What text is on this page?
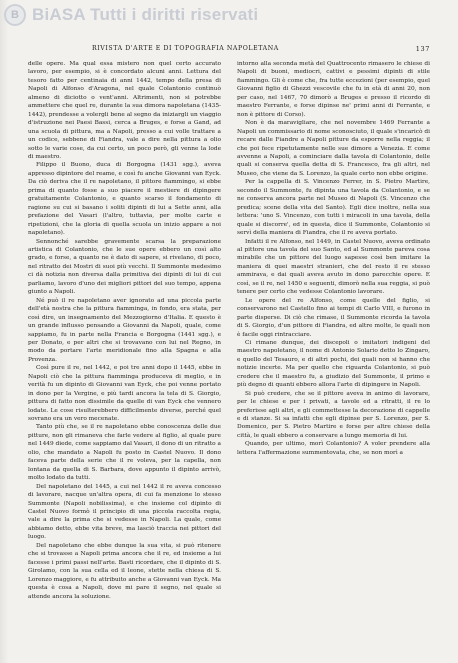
B BiASA Tutti i diritti riservati
RIVISTA D'ARTE E DI TOPOGRAFIA NAPOLETANA	137

delle opere. Ma qual essa mistero non quel certo accurato lavoro, per esempio, si è concordato alcuni anni. Lettura del tesoro fatto per centinaia di anni 1442, tempo della presa di Napoli di Alfonso d'Aragona, nel quale Colantonio continuò almeno di diciotto o vent'anni. Altrimenti, non si potrebbe ammettere che quel re, durante la sua dimora napoletana (1435-1442), prendesse a volergli bene al segno da iniziargli un viaggio d'istruzione nei Paesi Bassi, cerca a Bruges, e forse a Gand, ad una scuola di pittura, ma a Napoli, presso a cui volle trattare a un codice, sebbene di Fiandra, vale a dire nella pittura a olio sotto le varie cose, da cui certo, un poco però, gli venne la lode di maestro.

Filippo il Buono, duca di Borgogna (1431 sgg.), aveva appresso dipintore del reame, e così fu anche Giovanni van Eyck. Da ciò deriva che il re napoletano, il pittore fiammingo, si ebbe prima di quanto fosse a suo piacere il mestiere di dipingere gratuitamente Colantonio, e quanto scarso il fondamento di ragione su cui si basano i soliti dipinti di lui a Sette anni, alla prefazione del Vasari (l'altro, tuttavia, per molte carte e ripetizioni, che la gloria di quella scuola un inizio appare a noi napoletano).

Sennonché sarebbe gravemente scarsa la preparazione artistica di Colantonio, che le sue opere ebbero un così alto grado, e forse, a quanto ne è dato di sapere, si rivelano, di poco, nel ritratto dei Mostri di suoi più vecchi. Il Summonte medesimo ci dà notizia non diversa dalla primitiva dei dipinti di lui di cui parliamo, lavoro d'uno dei migliori pittori del suo tempo, appena giunto a Napoli.

Né può il re napoletano aver ignorato ad una piccola parte dell'età nostra che la pittura fiamminga, in fondo, era stata, per così dire, un insegnamento del Mezzogiorno d'Italia. E questo è un grande influsso pensando a Giovanni da Napoli, quale, come sappiamo, fu in parte nella Francia e Borgogna (1441 sgg.), e per Donato, e per altri che si trovavano con lui nel Regno, in modo da portare l'arte meridionale fino alla Spagna e alla Provenza.

Così pure il re, nel 1442, e poi tre anni dopo il 1445, ebbe in Napoli ciò che la pittura fiamminga produceva di meglio, e in verità fu un dipinto di Giovanni van Eyck, che poi venne portato in dono per la Vergine, e più tardi ancora la tela di S. Giorgio, pittura di fatto non dissimile da quelle di van Eyck che vennero lodate. Le cose risulterebbero difficilmente diverse, perché quel sovrano era un vero mecenate.

Tanto più che, se il re napoletano ebbe conoscenza delle due pitture, non gli rimaneva che farle vedere al figlio, al quale pure nel 1449 diede, come sappiamo dal Vasari, il dono di un ritratto a olio, che mandato a Napoli fu posto in Castel Nuovo. Il dono faceva parte della serie che il re voleva, per la capella, non lontana da quella di S. Barbara, dove appunto il dipinto arrivò, molto lodato da tutti.

Del napoletano del 1445, a cui nel 1442 il re aveva concesso di lavorare, nacque un'altra opera, di cui fa menzione lo stesso Summonte (Napoli nobilissima), e che insieme col dipinto di Castel Nuovo formò il principio di una piccola raccolta regia, vale a dire la prima che si vedesse in Napoli. La quale, come abbiamo detto, ebbe vita breve, ma lasciò traccia nei pittori del luogo.

Del napoletano che ebbe dunque la sua vita, si può ritenere che si trovasse a Napoli prima ancora che il re, ed insieme a lui facesse i primi passi nell'arte. Basti ricordare, che il dipinto di S. Girolamo, con la sua cella ed il leone, stette nella chiesa di S. Lorenzo maggiore, e fu attribuito anche a Giovanni van Eyck. Ma questa è cosa a Napoli, dove mi pare il segno, nel quale si attende ancora la soluzione.

intorno alla seconda metà del Quattrocento rimasero le chiese di Napoli di buoni, mediocri, cattivi e pessimi dipinti di stile fiammingo. Gli è come che, fra tutte eccezioni (per esempio, quel Giovanni figlio di Ghezzi vescovile che fu in età di anni 20, non per caso, nel 1467, 70 dimorò a Bruges e presso il ricordo di maestro Ferrante, e forse dipinse ne' primi anni di Ferrante, e non è pittore di Corso).

Non è da maravigliare, che nel novembre 1469 Ferrante a Napoli un commissario di nome sconosciuto, il quale s'incaricò di recare dalle Fiandre a Napoli pitture da esporre nella reggia; il che poi fece ripetutamente nelle sue dimore a Venezia. E come avvenne a Napoli, a cominciare dalla tavola di Colantonio, delle quali si conserva quella detta di S. Francesco, fra gli altri, nel Museo, che viene da S. Lorenzo, la quale certo non ebbe origine.

Per la cappella di S. Vincenzo Ferrer, in S. Pietro Martire, secondo il Summonte, fu dipinta una tavola da Colantonio, e se ne conserva ancora parte nel Museo di Napoli (S. Vincenzo che predica; scene della vita del Santo). Egli dice inoltre, nella sua lettera: 'uno S. Vincenzo, con tutti i miracoli in una tavola, della quale si discorre', ed in questa, dice il Summonte, Colantonio si servì della maniera di Fiandra, che il re aveva portato.

Infatti il re Alfonso, nel 1449, in Castel Nuovo, aveva ordinato al pittore una tavola del suo Santo, ed al Summonte pareva cosa mirabile che un pittore del luogo sapesse così ben imitare la maniera di quei maestri stranieri, che del resto il re stesso ammirava, e dai quali aveva avuto in dono parecchie opere. E così, se il re, nel 1450 e seguenti, dimorò nella sua reggia, si può tenere per certo che vedesse Colantonio lavorare.

Le opere del re Alfonso, come quelle del figlio, si conservarono nel Castello fino ai tempi di Carlo VIII, e furono in parte disperse. Di ciò che rimase, il Summonte ricorda la tavola di S. Giorgio, d'un pittore di Fiandra, ed altre molte, le quali non è facile oggi rintracciare.

Ci rimane dunque, dei discepoli o imitatori indigeni del maestro napoletano, il nome di Antonio Solario detto lo Zingaro, e quello del Tesauro, e di altri pochi, dei quali non si hanno che notizie incerte. Ma per quello che riguarda Colantonio, si può credere che il maestro fu, a giudizio del Summonte, il primo e più degno di quanti ebbero allora l'arte di dipingere in Napoli.

Si può credere, che se il pittore aveva in animo di lavorare, per le chiese e per i privati, a tavole ed a ritratti, il re lo preferisse agli altri, e gli commettesse la decorazione di cappelle e di stanze. Si sa infatti che egli dipinse per S. Lorenzo, per S. Domenico, per S. Pietro Martire e forse per altre chiese della città, le quali ebbero a conservare a lungo memoria di lui.

Quando, per ultimo, morì Colantonio? A voler prendere alla lettera l'affermazione summentovata, che, se non morì a
